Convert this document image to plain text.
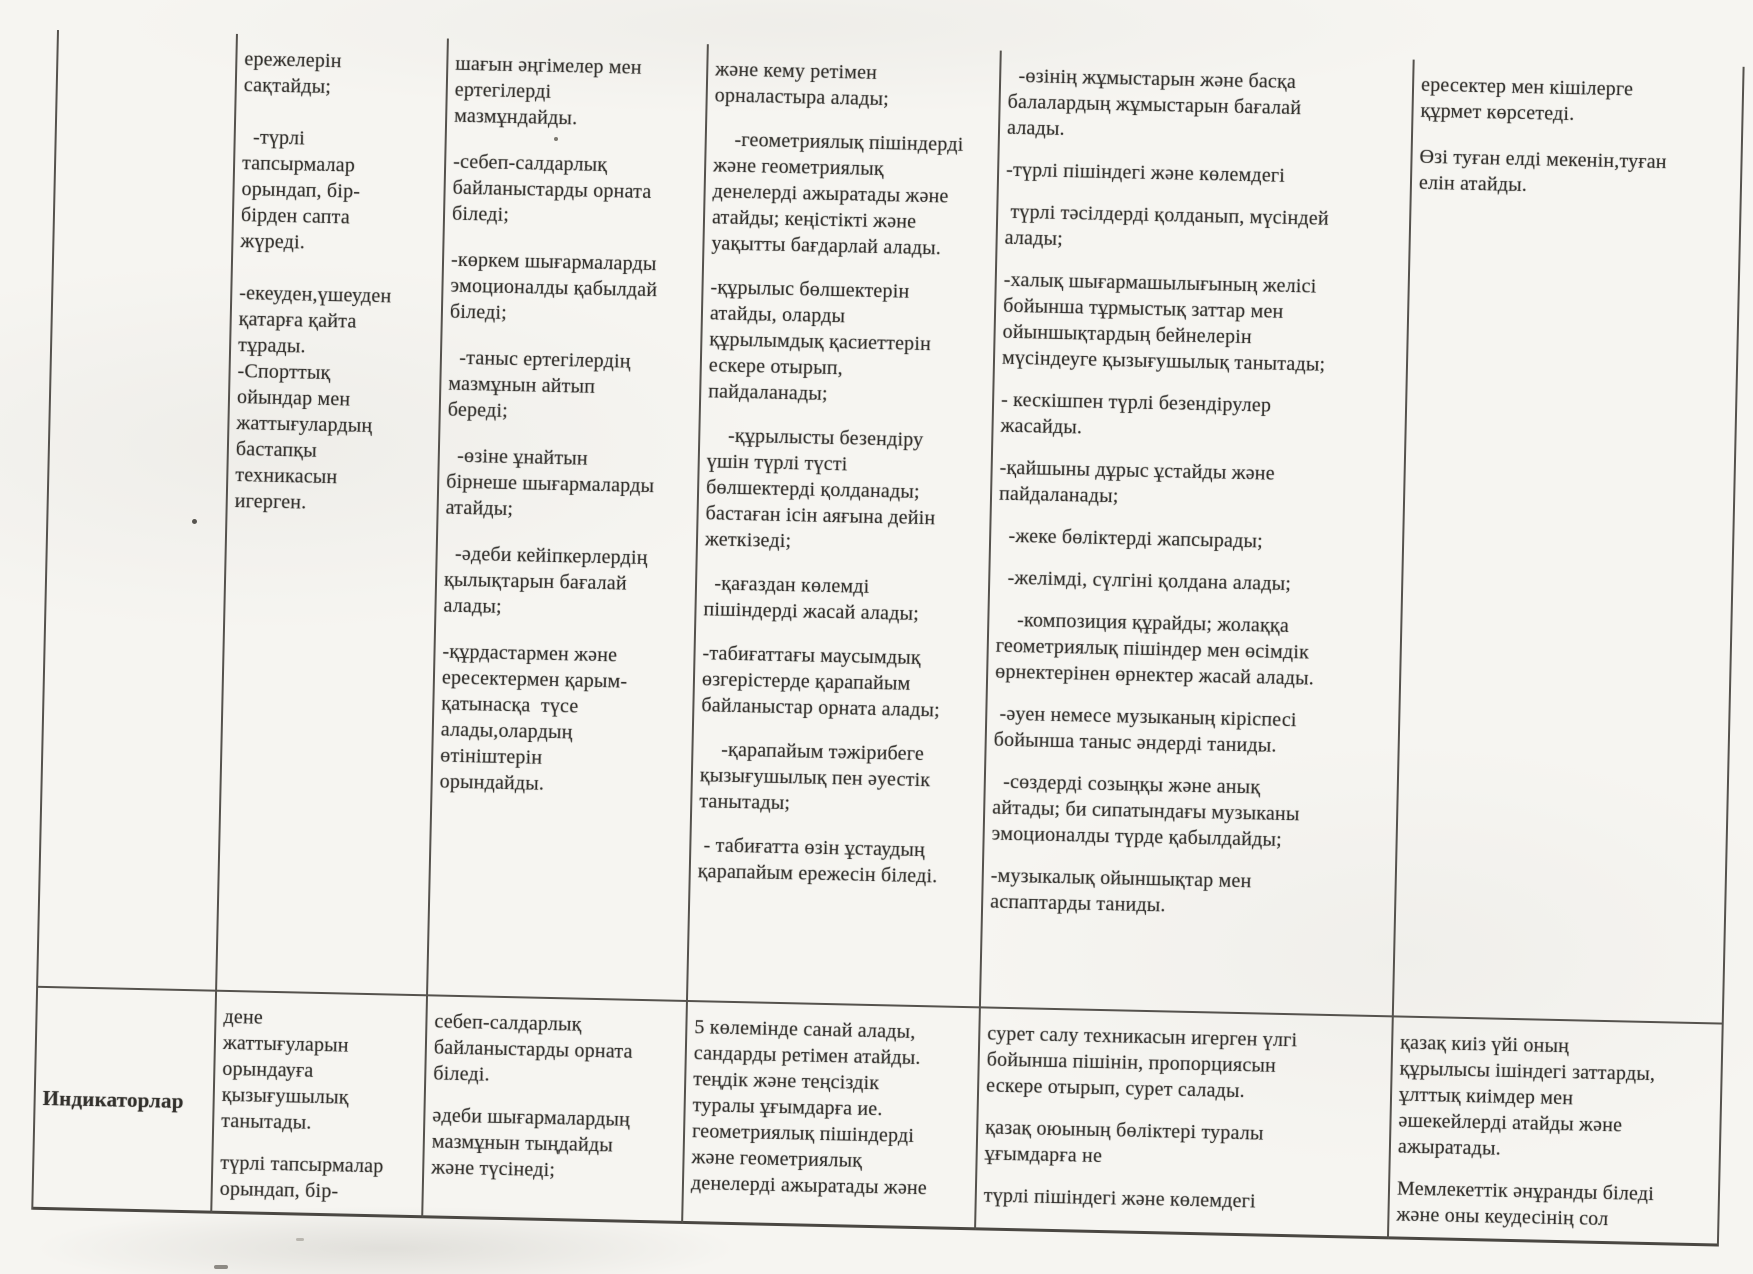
ережелерін
сақтайды;

-түрлі
тапсырмалар
орындап, бір-
бірден сапта
жүреді.

-екеуден,үшеуден
қатарға қайта
тұрады.
-Спорттық
ойындар мен
жаттығулардың
бастапқы
техникасын
игерген.

шағын әңгімелер мен
ертегілерді
мазмұндайды.

-себеп-салдарлық
байланыстарды орната
біледі;

-көркем шығармаларды
эмоционалды қабылдай
біледі;

-таныс ертегілердің
мазмұнын айтып
береді;

-өзіне ұнайтын
бірнеше шығармаларды
атайды;

-әдеби кейіпкерлердің
қылықтарын бағалай
алады;

-құрдастармен және
ересектермен қарым-
қатынасқа  түсе
алады,олардың
өтініштерін
орындайды.

және кему ретімен
орналастыра алады;

-геометриялық пішіндерді
және геометриялық
денелерді ажыратады және
атайды; кеңістікті және
уақытты бағдарлай алады.

-құрылыс бөлшектерін
атайды, оларды
құрылымдық қасиеттерін
ескере отырып,
пайдаланады;

-құрылысты безендіру
үшін түрлі түсті
бөлшектерді қолданады;
бастаған ісін аяғына дейін
жеткізеді;

-қағаздан көлемді
пішіндерді жасай алады;

-табиғаттағы маусымдық
өзгерістерде қарапайым
байланыстар орната алады;

-қарапайым тәжірибеге
қызығушылық пен әуестік
танытады;

- табиғатта өзін ұстаудың
қарапайым ережесін біледі.

-өзінің жұмыстарын және басқа
балалардың жұмыстарын бағалай
алады.

-түрлі пішіндегі және көлемдегі

түрлі тәсілдерді қолданып, мүсіндей
алады;

-халық шығармашылығының желісі
бойынша тұрмыстық заттар мен
ойыншықтардың бейнелерін
мүсіндеуге қызығушылық танытады;

- кескішпен түрлі безендірулер
жасайды.

-қайшыны дұрыс ұстайды және
пайдаланады;

-жеке бөліктерді жапсырады;

-желімді, сүлгіні қолдана алады;

-композиция құрайды; жолаққа
геометриялық пішіндер мен өсімдік
өрнектерінен өрнектер жасай алады.

-әуен немесе музыканың кіріспесі
бойынша таныс әндерді таниды.

-сөздерді созыңқы және анық
айтады; би сипатындағы музыканы
эмоционалды түрде қабылдайды;

-музыкалық ойыншықтар мен
аспаптарды таниды.

ересектер мен кішілерге
құрмет көрсетеді.

Өзі туған елді мекенін,туған
елін атайды.

Индикаторлар

дене
жаттығуларын
орындауға
қызығушылық
танытады.

түрлі тапсырмалар
орындап, бір-

себеп-салдарлық
байланыстарды орната
біледі.

әдеби шығармалардың
мазмұнын тыңдайды
және түсінеді;

5 көлемінде санай алады,
сандарды ретімен атайды.
теңдік және теңсіздік
туралы ұғымдарға ие.
геометриялық пішіндерді
және геометриялық
денелерді ажыратады және

сурет салу техникасын игерген үлгі
бойынша пішінін, пропорциясын
ескере отырып, сурет салады.

қазақ оюының бөліктері туралы
ұғымдарға не

түрлі пішіндегі және көлемдегі

қазақ киіз үйі оның
құрылысы ішіндегі заттарды,
ұлттық киімдер мен
әшекейлерді атайды және
ажыратады.

Мемлекеттік әнұранды біледі
және оны кеудесінің сол
